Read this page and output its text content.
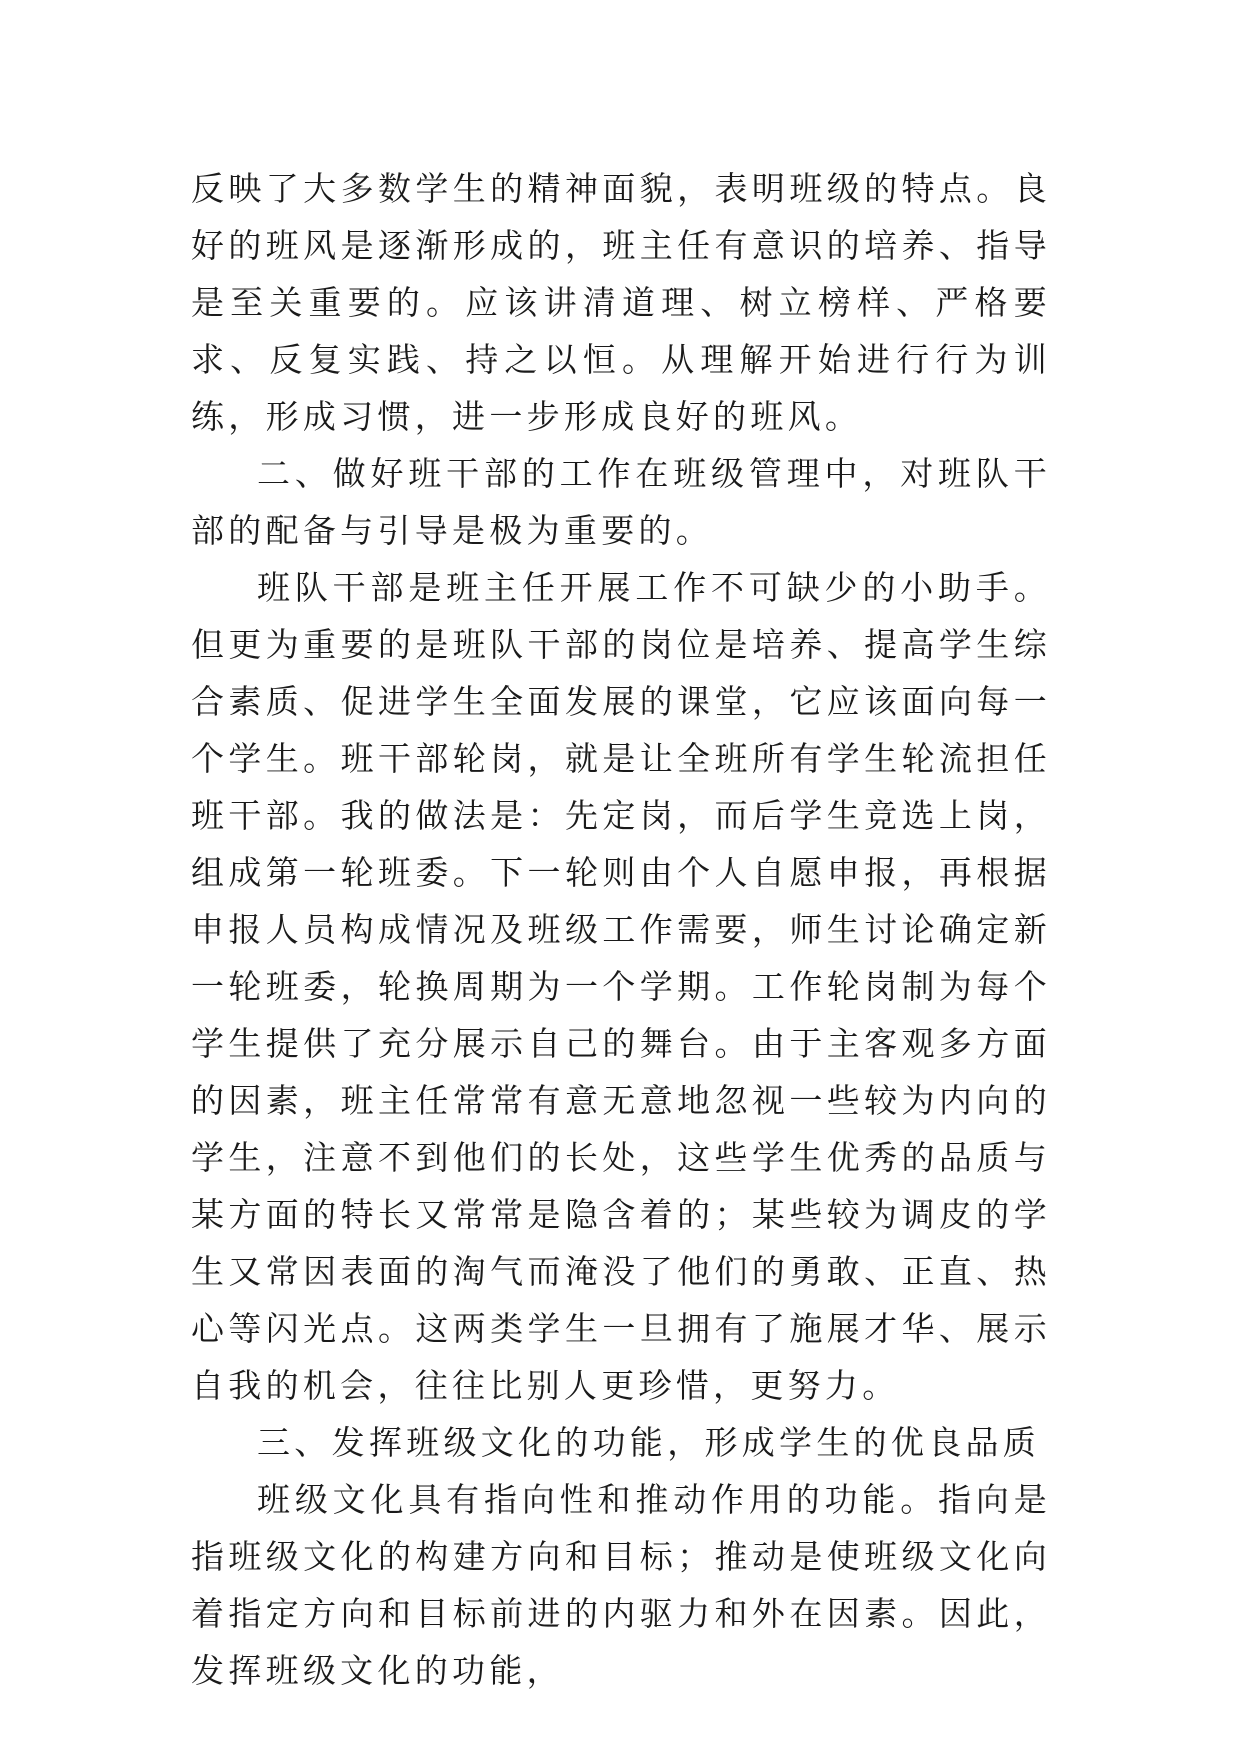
反映了大多数学生的精神面貌，表明班级的特点。良好的班风是逐渐形成的，班主任有意识的培养、指导是至关重要的。应该讲清道理、树立榜样、严格要求、反复实践、持之以恒。从理解开始进行行为训练，形成习惯，进一步形成良好的班风。

二、做好班干部的工作在班级管理中，对班队干部的配备与引导是极为重要的。

班队干部是班主任开展工作不可缺少的小助手。但更为重要的是班队干部的岗位是培养、提高学生综合素质、促进学生全面发展的课堂，它应该面向每一个学生。班干部轮岗，就是让全班所有学生轮流担任班干部。我的做法是：先定岗，而后学生竞选上岗，组成第一轮班委。下一轮则由个人自愿申报，再根据申报人员构成情况及班级工作需要，师生讨论确定新一轮班委，轮换周期为一个学期。工作轮岗制为每个学生提供了充分展示自己的舞台。由于主客观多方面的因素，班主任常常有意无意地忽视一些较为内向的学生，注意不到他们的长处，这些学生优秀的品质与某方面的特长又常常是隐含着的；某些较为调皮的学生又常因表面的淘气而淹没了他们的勇敢、正直、热心等闪光点。这两类学生一旦拥有了施展才华、展示自我的机会，往往比别人更珍惜，更努力。

三、发挥班级文化的功能，形成学生的优良品质

班级文化具有指向性和推动作用的功能。指向是指班级文化的构建方向和目标；推动是使班级文化向着指定方向和目标前进的内驱力和外在因素。因此，发挥班级文化的功能，
